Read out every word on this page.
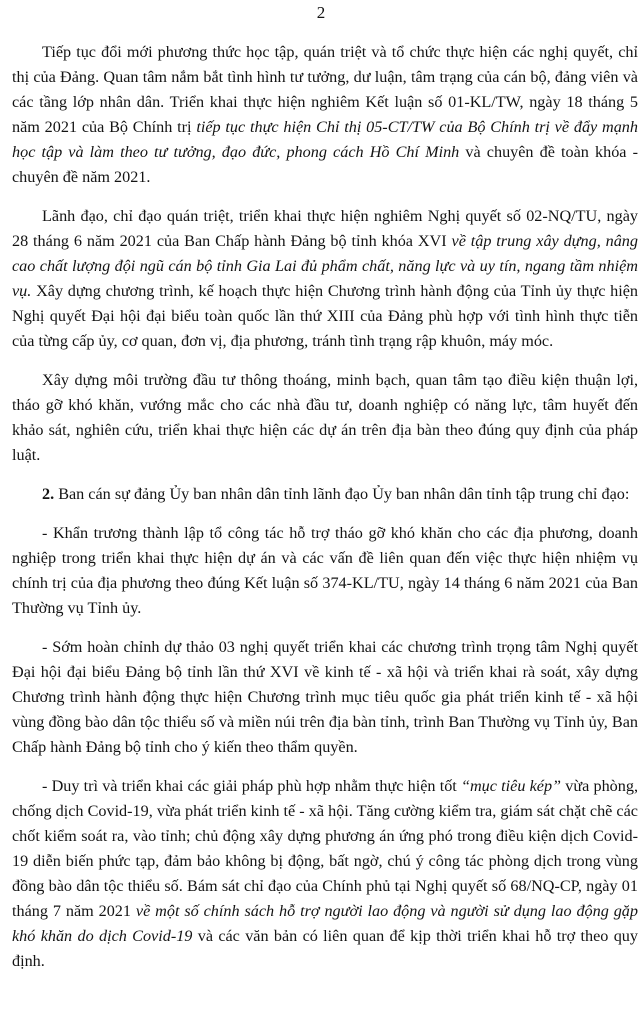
2

Tiếp tục đổi mới phương thức học tập, quán triệt và tổ chức thực hiện các nghị quyết, chỉ thị của Đảng. Quan tâm nắm bắt tình hình tư tưởng, dư luận, tâm trạng của cán bộ, đảng viên và các tầng lớp nhân dân. Triển khai thực hiện nghiêm Kết luận số 01-KL/TW, ngày 18 tháng 5 năm 2021 của Bộ Chính trị tiếp tục thực hiện Chỉ thị 05-CT/TW của Bộ Chính trị về đẩy mạnh học tập và làm theo tư tưởng, đạo đức, phong cách Hồ Chí Minh và chuyên đề toàn khóa - chuyên đề năm 2021.

Lãnh đạo, chỉ đạo quán triệt, triển khai thực hiện nghiêm Nghị quyết số 02-NQ/TU, ngày 28 tháng 6 năm 2021 của Ban Chấp hành Đảng bộ tỉnh khóa XVI về tập trung xây dựng, nâng cao chất lượng đội ngũ cán bộ tỉnh Gia Lai đủ phẩm chất, năng lực và uy tín, ngang tầm nhiệm vụ. Xây dựng chương trình, kế hoạch thực hiện Chương trình hành động của Tỉnh ủy thực hiện Nghị quyết Đại hội đại biểu toàn quốc lần thứ XIII của Đảng phù hợp với tình hình thực tiễn của từng cấp ủy, cơ quan, đơn vị, địa phương, tránh tình trạng rập khuôn, máy móc.

Xây dựng môi trường đầu tư thông thoáng, minh bạch, quan tâm tạo điều kiện thuận lợi, tháo gỡ khó khăn, vướng mắc cho các nhà đầu tư, doanh nghiệp có năng lực, tâm huyết đến khảo sát, nghiên cứu, triển khai thực hiện các dự án trên địa bàn theo đúng quy định của pháp luật.

2. Ban cán sự đảng Ủy ban nhân dân tỉnh lãnh đạo Ủy ban nhân dân tỉnh tập trung chỉ đạo:

- Khẩn trương thành lập tổ công tác hỗ trợ tháo gỡ khó khăn cho các địa phương, doanh nghiệp trong triển khai thực hiện dự án và các vấn đề liên quan đến việc thực hiện nhiệm vụ chính trị của địa phương theo đúng Kết luận số 374-KL/TU, ngày 14 tháng 6 năm 2021 của Ban Thường vụ Tỉnh ủy.

- Sớm hoàn chỉnh dự thảo 03 nghị quyết triển khai các chương trình trọng tâm Nghị quyết Đại hội đại biểu Đảng bộ tỉnh lần thứ XVI về kinh tế - xã hội và triển khai rà soát, xây dựng Chương trình hành động thực hiện Chương trình mục tiêu quốc gia phát triển kinh tế - xã hội vùng đồng bào dân tộc thiểu số và miền núi trên địa bàn tỉnh, trình Ban Thường vụ Tỉnh ủy, Ban Chấp hành Đảng bộ tỉnh cho ý kiến theo thẩm quyền.

- Duy trì và triển khai các giải pháp phù hợp nhằm thực hiện tốt “mục tiêu kép” vừa phòng, chống dịch Covid-19, vừa phát triển kinh tế - xã hội. Tăng cường kiểm tra, giám sát chặt chẽ các chốt kiểm soát ra, vào tỉnh; chủ động xây dựng phương án ứng phó trong điều kiện dịch Covid-19 diễn biến phức tạp, đảm bảo không bị động, bất ngờ, chú ý công tác phòng dịch trong vùng đồng bào dân tộc thiểu số. Bám sát chỉ đạo của Chính phủ tại Nghị quyết số 68/NQ-CP, ngày 01 tháng 7 năm 2021 về một số chính sách hỗ trợ người lao động và người sử dụng lao động gặp khó khăn do dịch Covid-19 và các văn bản có liên quan để kịp thời triển khai hỗ trợ theo quy định.
